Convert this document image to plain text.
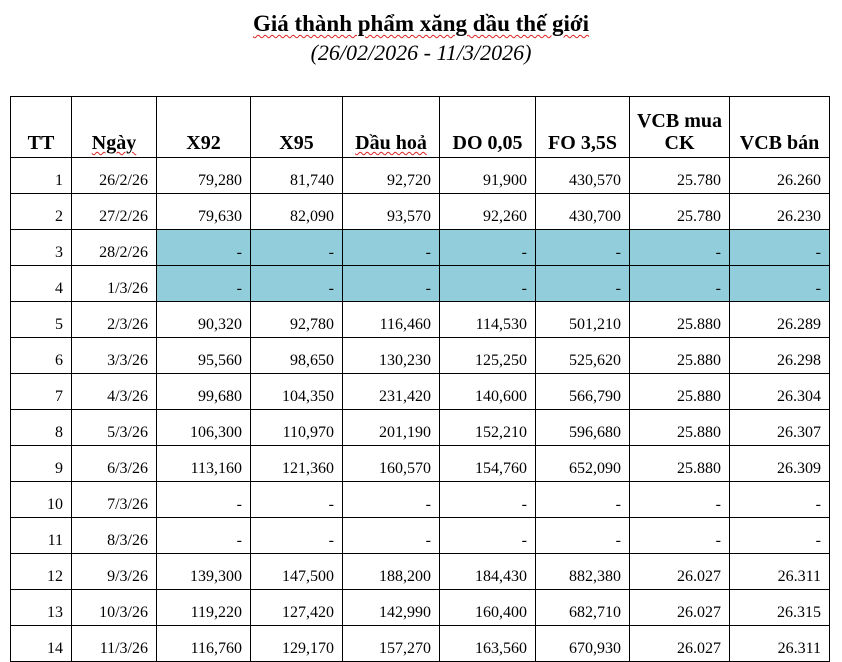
Giá thành phẩm xăng dầu thế giới
(26/02/2026 - 11/3/2026)
TT	Ngày	X92	X95	Dầu hoả	DO 0,05	FO 3,5S	VCB mua CK	VCB bán
1	26/2/26	79,280	81,740	92,720	91,900	430,570	25.780	26.260
2	27/2/26	79,630	82,090	93,570	92,260	430,700	25.780	26.230
3	28/2/26	-	-	-	-	-	-	-
4	1/3/26	-	-	-	-	-	-	-
5	2/3/26	90,320	92,780	116,460	114,530	501,210	25.880	26.289
6	3/3/26	95,560	98,650	130,230	125,250	525,620	25.880	26.298
7	4/3/26	99,680	104,350	231,420	140,600	566,790	25.880	26.304
8	5/3/26	106,300	110,970	201,190	152,210	596,680	25.880	26.307
9	6/3/26	113,160	121,360	160,570	154,760	652,090	25.880	26.309
10	7/3/26	-	-	-	-	-	-	-
11	8/3/26	-	-	-	-	-	-	-
12	9/3/26	139,300	147,500	188,200	184,430	882,380	26.027	26.311
13	10/3/26	119,220	127,420	142,990	160,400	682,710	26.027	26.315
14	11/3/26	116,760	129,170	157,270	163,560	670,930	26.027	26.311
